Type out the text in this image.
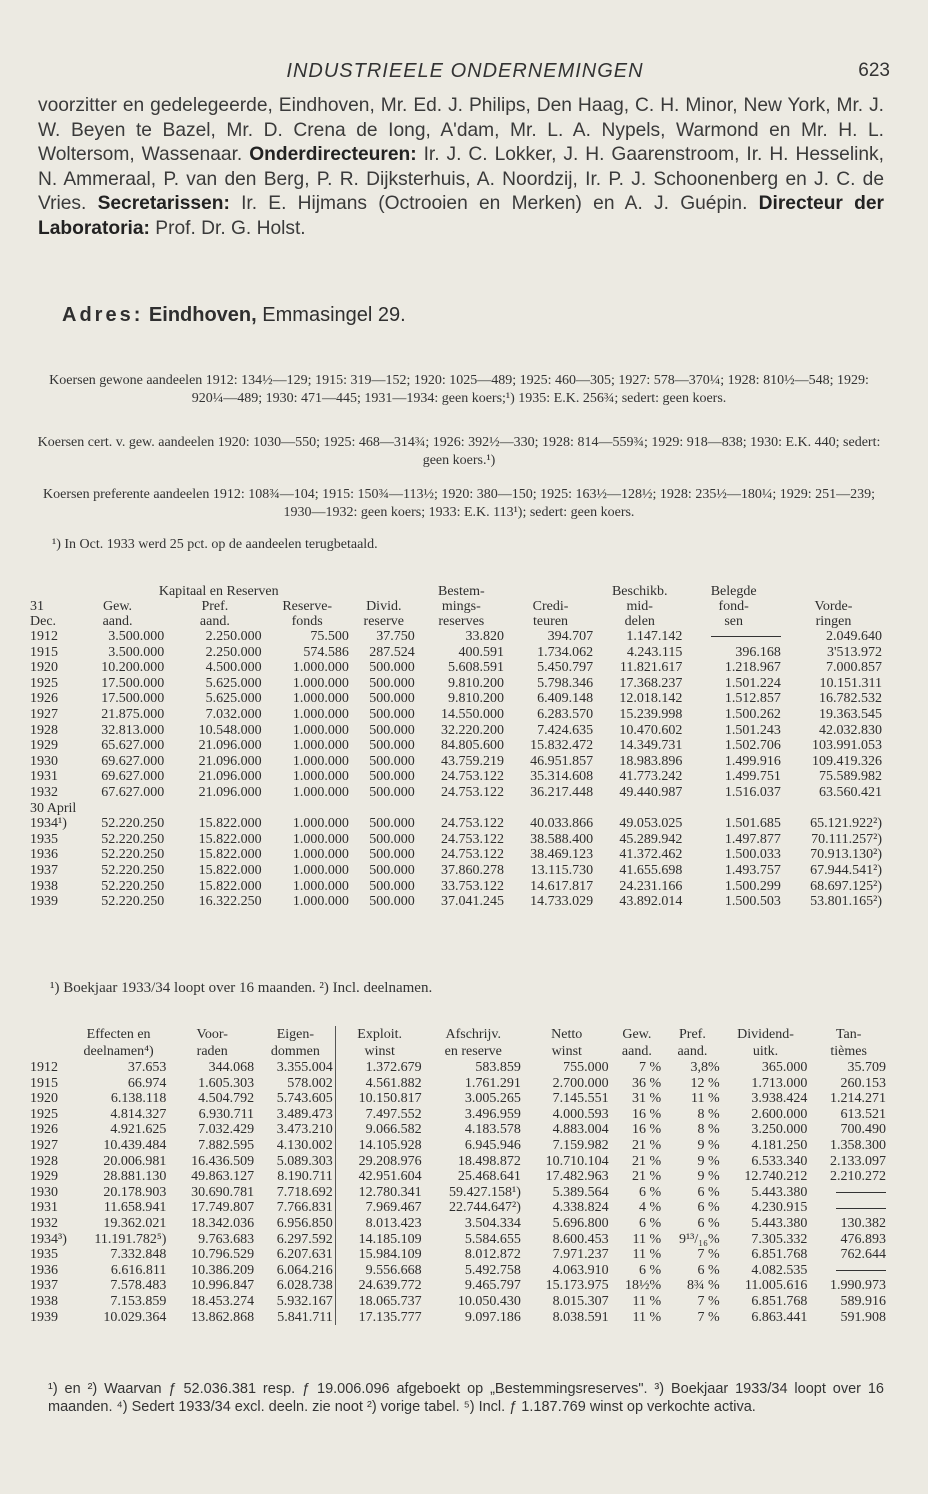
INDUSTRIEELE ONDERNEMINGEN	623
voorzitter en gedelegeerde, Eindhoven, Mr. Ed. J. Philips, Den Haag, C. H. Minor, New York, Mr. J. W. Beyen te Bazel, Mr. D. Crena de Iong, A'dam, Mr. L. A. Nypels, Warmond en Mr. H. L. Woltersom, Wassenaar. Onderdirecteuren: Ir. J. C. Lokker, J. H. Gaarenstroom, Ir. H. Hesselink, N. Ammeraal, P. van den Berg, P. R. Dijksterhuis, A. Noordzij, Ir. P. J. Schoonenberg en J. C. de Vries. Secretarissen: Ir. E. Hijmans (Octrooien en Merken) en A. J. Guépin. Directeur der Laboratoria: Prof. Dr. G. Holst.
Adres: Eindhoven, Emmasingel 29.
Koersen gewone aandeelen 1912: 134½—129; 1915: 319—152; 1920: 1025—489; 1925: 460—305; 1927: 578—370¼; 1928: 810½—548; 1929: 920¼—489; 1930: 471—445; 1931—1934: geen koers;¹) 1935: E.K. 256¾; sedert: geen koers.
Koersen cert. v. gew. aandeelen 1920: 1030—550; 1925: 468—314¾; 1926: 392½—330; 1928: 814—559¾; 1929: 918—838; 1930: E.K. 440; sedert: geen koers.¹)
Koersen preferente aandeelen 1912: 108¾—104; 1915: 150¾—113½; 1920: 380—150; 1925: 163½—128½; 1928: 235½—180¼; 1929: 251—239; 1930—1932: geen koers; 1933: E.K. 113¹); sedert: geen koers.
¹) In Oct. 1933 werd 25 pct. op de aandeelen terugbetaald.
	Kapitaal en Reserven				Bestem-		Beschikb.	Belegde	
31	Gew.	Pref.	Reserve-	Divid.	mings-	Credi-	mid-	fond-	Vorde-
Dec.	aand.	aand.	fonds	reserve	reserves	teuren	delen	sen	ringen
1912	3.500.000	2.250.000	75.500	37.750	33.820	394.707	1.147.142		2.049.640
1915	3.500.000	2.250.000	574.586	287.524	400.591	1.734.062	4.243.115	396.168	3'513.972
1920	10.200.000	4.500.000	1.000.000	500.000	5.608.591	5.450.797	11.821.617	1.218.967	7.000.857
1925	17.500.000	5.625.000	1.000.000	500.000	9.810.200	5.798.346	17.368.237	1.501.224	10.151.311
1926	17.500.000	5.625.000	1.000.000	500.000	9.810.200	6.409.148	12.018.142	1.512.857	16.782.532
1927	21.875.000	7.032.000	1.000.000	500.000	14.550.000	6.283.570	15.239.998	1.500.262	19.363.545
1928	32.813.000	10.548.000	1.000.000	500.000	32.220.200	7.424.635	10.470.602	1.501.243	42.032.830
1929	65.627.000	21.096.000	1.000.000	500.000	84.805.600	15.832.472	14.349.731	1.502.706	103.991.053
1930	69.627.000	21.096.000	1.000.000	500.000	43.759.219	46.951.857	18.983.896	1.499.916	109.419.326
1931	69.627.000	21.096.000	1.000.000	500.000	24.753.122	35.314.608	41.773.242	1.499.751	75.589.982
1932	67.627.000	21.096.000	1.000.000	500.000	24.753.122	36.217.448	49.440.987	1.516.037	63.560.421
30 April									
1934¹)	52.220.250	15.822.000	1.000.000	500.000	24.753.122	40.033.866	49.053.025	1.501.685	65.121.922²)
1935	52.220.250	15.822.000	1.000.000	500.000	24.753.122	38.588.400	45.289.942	1.497.877	70.111.257²)
1936	52.220.250	15.822.000	1.000.000	500.000	24.753.122	38.469.123	41.372.462	1.500.033	70.913.130²)
1937	52.220.250	15.822.000	1.000.000	500.000	37.860.278	13.115.730	41.655.698	1.493.757	67.944.541²)
1938	52.220.250	15.822.000	1.000.000	500.000	33.753.122	14.617.817	24.231.166	1.500.299	68.697.125²)
1939	52.220.250	16.322.250	1.000.000	500.000	37.041.245	14.733.029	43.892.014	1.500.503	53.801.165²)
¹) Boekjaar 1933/34 loopt over 16 maanden. ²) Incl. deelnamen.
	Effecten en	Voor-	Eigen-	Exploit.	Afschrijv.	Netto	Gew.	Pref.	Dividend-	Tan-
	deelnamen⁴)	raden	dommen	winst	en reserve	winst	aand.	aand.	uitk.	tièmes
1912	37.653	344.068	3.355.004	1.372.679	583.859	755.000	7 %	3,8%	365.000	35.709
1915	66.974	1.605.303	578.002	4.561.882	1.761.291	2.700.000	36 %	12 %	1.713.000	260.153
1920	6.138.118	4.504.792	5.743.605	10.150.817	3.005.265	7.145.551	31 %	11 %	3.938.424	1.214.271
1925	4.814.327	6.930.711	3.489.473	7.497.552	3.496.959	4.000.593	16 %	8 %	2.600.000	613.521
1926	4.921.625	7.032.429	3.473.210	9.066.582	4.183.578	4.883.004	16 %	8 %	3.250.000	700.490
1927	10.439.484	7.882.595	4.130.002	14.105.928	6.945.946	7.159.982	21 %	9 %	4.181.250	1.358.300
1928	20.006.981	16.436.509	5.089.303	29.208.976	18.498.872	10.710.104	21 %	9 %	6.533.340	2.133.097
1929	28.881.130	49.863.127	8.190.711	42.951.604	25.468.641	17.482.963	21 %	9 %	12.740.212	2.210.272
1930	20.178.903	30.690.781	7.718.692	12.780.341	59.427.158¹)	5.389.564	6 %	6 %	5.443.380	
1931	11.658.941	17.749.807	7.766.831	7.969.467	22.744.647²)	4.338.824	4 %	6 %	4.230.915	
1932	19.362.021	18.342.036	6.956.850	8.013.423	3.504.334	5.696.800	6 %	6 %	5.443.380	130.382
1934³)	11.191.782⁵)	9.763.683	6.297.592	14.185.109	5.584.655	8.600.453	11 %	9¹³/₁₆%	7.305.332	476.893
1935	7.332.848	10.796.529	6.207.631	15.984.109	8.012.872	7.971.237	11 %	7 %	6.851.768	762.644
1936	6.616.811	10.386.209	6.064.216	9.556.668	5.492.758	4.063.910	6 %	6 %	4.082.535	
1937	7.578.483	10.996.847	6.028.738	24.639.772	9.465.797	15.173.975	18½%	8¾ %	11.005.616	1.990.973
1938	7.153.859	18.453.274	5.932.167	18.065.737	10.050.430	8.015.307	11 %	7 %	6.851.768	589.916
1939	10.029.364	13.862.868	5.841.711	17.135.777	9.097.186	8.038.591	11 %	7 %	6.863.441	591.908
¹) en ²) Waarvan ƒ 52.036.381 resp. ƒ 19.006.096 afgeboekt op „Bestemmingsreserves". ³) Boekjaar 1933/34 loopt over 16 maanden. ⁴) Sedert 1933/34 excl. deeln. zie noot ²) vorige tabel. ⁵) Incl. ƒ 1.187.769 winst op verkochte activa.
